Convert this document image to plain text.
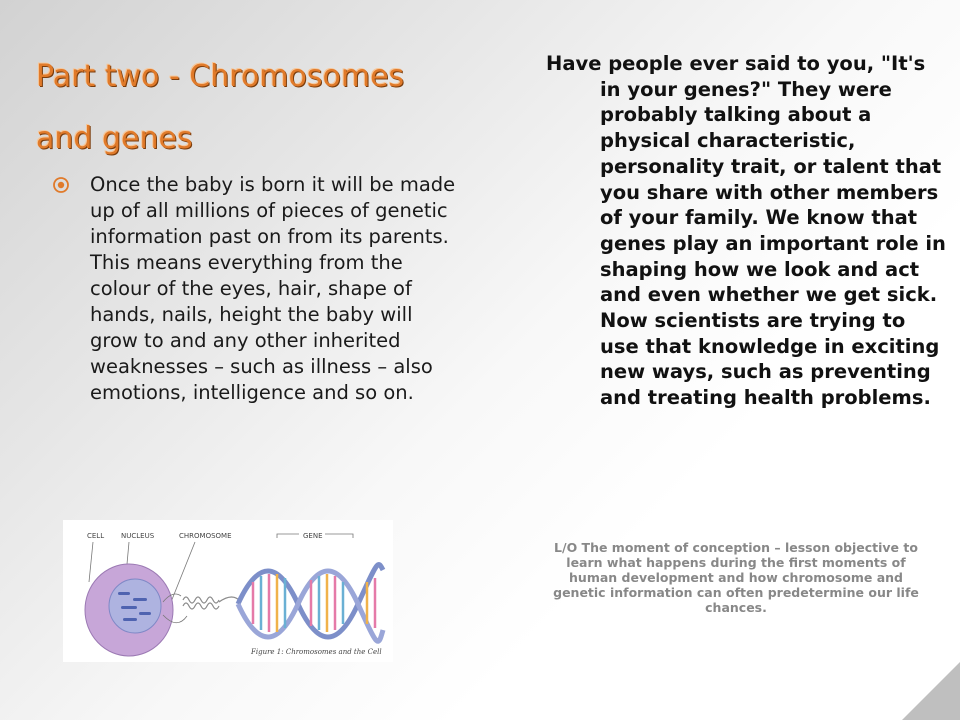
Part two - Chromosomes
and genes

Once the baby is born it will be made up of all millions of pieces of genetic information past on from its parents. This means everything from the colour of the eyes, hair, shape of hands, nails, height the baby will grow to and any other inherited weaknesses – such as illness – also emotions, intelligence and so on.

CELL NUCLEUS	CHROMOSOME	GENE
Figure 1: Chromosomes and the Cell

Have people ever said to you, "It's in your genes?" They were probably talking about a physical characteristic, personality trait, or talent that you share with other members of your family. We know that genes play an important role in shaping how we look and act and even whether we get sick. Now scientists are trying to use that knowledge in exciting new ways, such as preventing and treating health problems.

L/O The moment of conception – lesson objective to learn what happens during the first moments of human development and how chromosome and genetic information can often predetermine our life chances.
